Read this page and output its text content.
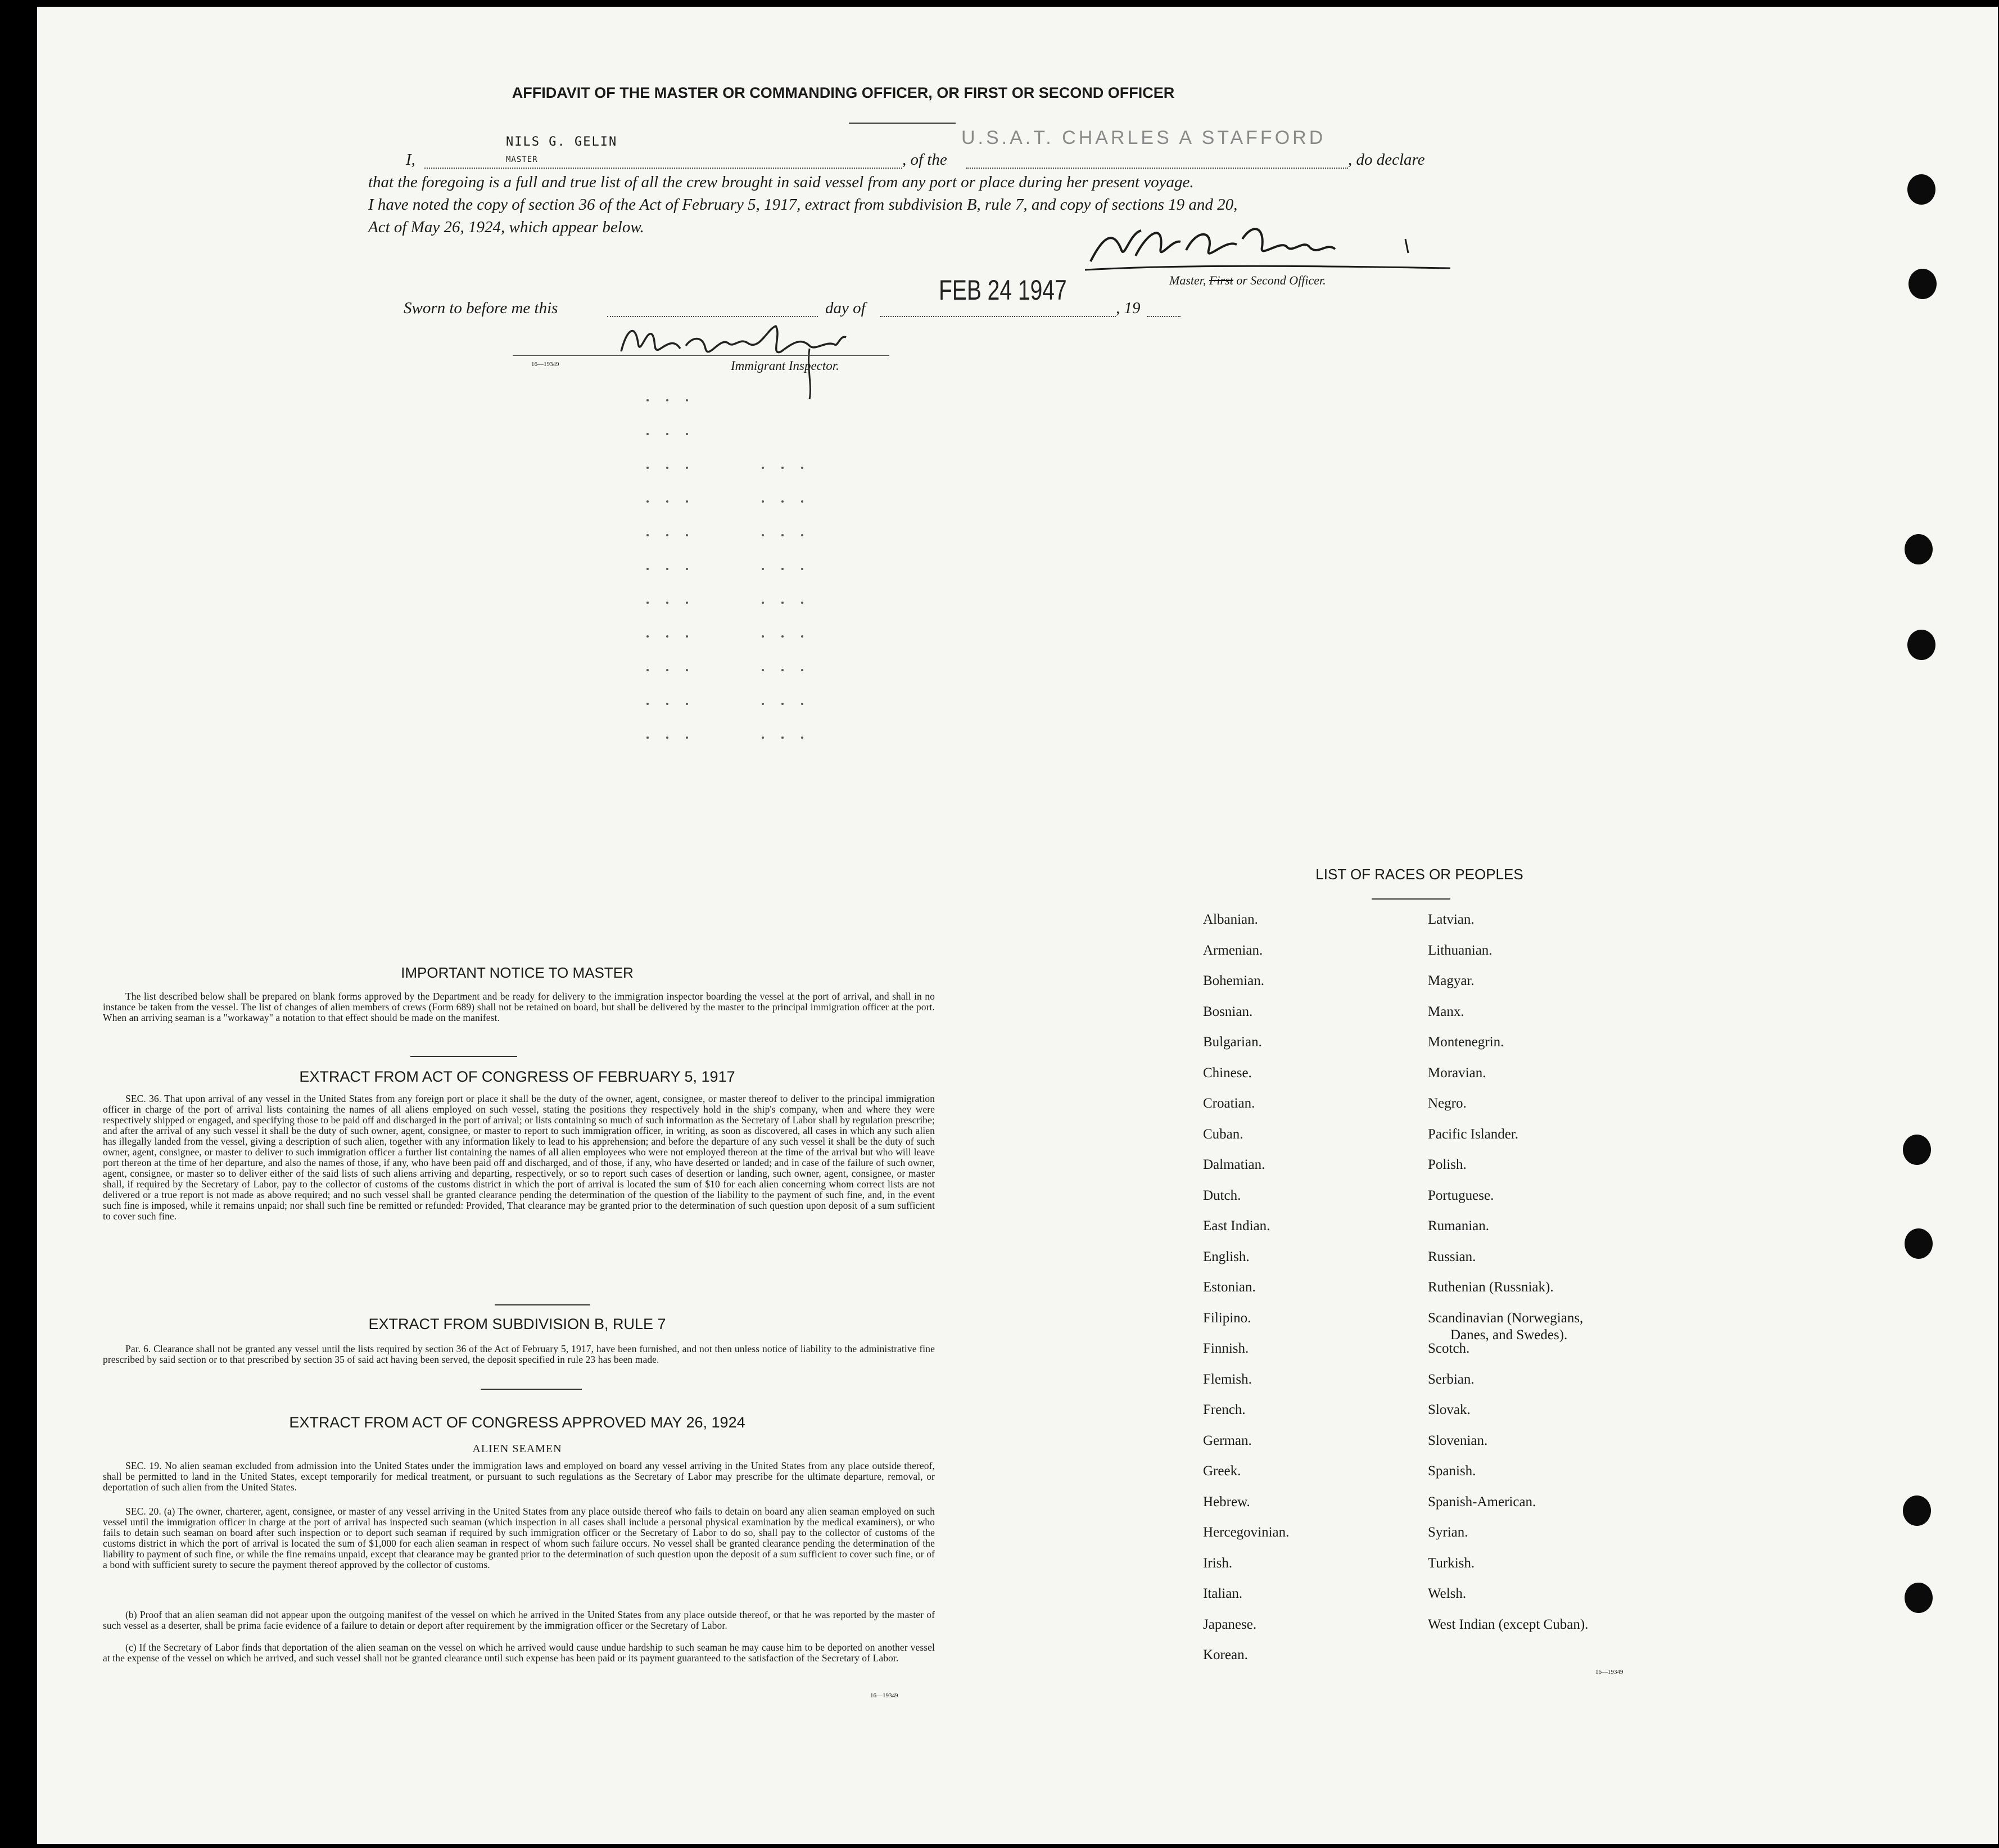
AFFIDAVIT OF THE MASTER OR COMMANDING OFFICER, OR FIRST OR SECOND OFFICER
I,
NILS G. GELIN
MASTER	, of the
U.S.A.T. CHARLES A STAFFORD
, do declare
that the foregoing is a full and true list of all the crew brought in said vessel from any port or place during her present voyage.
I have noted the copy of section 36 of the Act of February 5, 1917, extract from subdivision B, rule 7, and copy of sections 19 and 20,
Act of May 26, 1924, which appear below.
Master, First or Second Officer.
Sworn to before me this	day of
FEB 24 1947
, 19
16—19349	Immigrant Inspector.
IMPORTANT NOTICE TO MASTER
The list described below shall be prepared on blank forms approved by the Department and be ready for delivery to the immigration inspector boarding the vessel at the port of arrival, and shall in no instance be taken from the vessel. The list of changes of alien members of crews (Form 689) shall not be retained on board, but shall be delivered by the master to the principal immigration officer at the port. When an arriving seaman is a "workaway" a notation to that effect should be made on the manifest.
EXTRACT FROM ACT OF CONGRESS OF FEBRUARY 5, 1917
SEC. 36. That upon arrival of any vessel in the United States from any foreign port or place it shall be the duty of the owner, agent, consignee, or master thereof to deliver to the principal immigration officer in charge of the port of arrival lists containing the names of all aliens employed on such vessel, stating the positions they respectively hold in the ship's company, when and where they were respectively shipped or engaged, and specifying those to be paid off and discharged in the port of arrival; or lists containing so much of such information as the Secretary of Labor shall by regulation prescribe; and after the arrival of any such vessel it shall be the duty of such owner, agent, consignee, or master to report to such immigration officer, in writing, as soon as discovered, all cases in which any such alien has illegally landed from the vessel, giving a description of such alien, together with any information likely to lead to his apprehension; and before the departure of any such vessel it shall be the duty of such owner, agent, consignee, or master to deliver to such immigration officer a further list containing the names of all alien employees who were not employed thereon at the time of the arrival but who will leave port thereon at the time of her departure, and also the names of those, if any, who have been paid off and discharged, and of those, if any, who have deserted or landed; and in case of the failure of such owner, agent, consignee, or master so to deliver either of the said lists of such aliens arriving and departing, respectively, or so to report such cases of desertion or landing, such owner, agent, consignee, or master shall, if required by the Secretary of Labor, pay to the collector of customs of the customs district in which the port of arrival is located the sum of $10 for each alien concerning whom correct lists are not delivered or a true report is not made as above required; and no such vessel shall be granted clearance pending the determination of the question of the liability to the payment of such fine, and, in the event such fine is imposed, while it remains unpaid; nor shall such fine be remitted or refunded: Provided, That clearance may be granted prior to the determination of such question upon deposit of a sum sufficient to cover such fine.
EXTRACT FROM SUBDIVISION B, RULE 7
Par. 6. Clearance shall not be granted any vessel until the lists required by section 36 of the Act of February 5, 1917, have been furnished, and not then unless notice of liability to the administrative fine prescribed by said section or to that prescribed by section 35 of said act having been served, the deposit specified in rule 23 has been made.
EXTRACT FROM ACT OF CONGRESS APPROVED MAY 26, 1924
ALIEN SEAMEN
SEC. 19. No alien seaman excluded from admission into the United States under the immigration laws and employed on board any vessel arriving in the United States from any place outside thereof, shall be permitted to land in the United States, except temporarily for medical treatment, or pursuant to such regulations as the Secretary of Labor may prescribe for the ultimate departure, removal, or deportation of such alien from the United States.
SEC. 20. (a) The owner, charterer, agent, consignee, or master of any vessel arriving in the United States from any place outside thereof who fails to detain on board any alien seaman employed on such vessel until the immigration officer in charge at the port of arrival has inspected such seaman (which inspection in all cases shall include a personal physical examination by the medical examiners), or who fails to detain such seaman on board after such inspection or to deport such seaman if required by such immigration officer or the Secretary of Labor to do so, shall pay to the collector of customs of the customs district in which the port of arrival is located the sum of $1,000 for each alien seaman in respect of whom such failure occurs. No vessel shall be granted clearance pending the determination of the liability to payment of such fine, or while the fine remains unpaid, except that clearance may be granted prior to the determination of such question upon the deposit of a sum sufficient to cover such fine, or of a bond with sufficient surety to secure the payment thereof approved by the collector of customs.
(b) Proof that an alien seaman did not appear upon the outgoing manifest of the vessel on which he arrived in the United States from any place outside thereof, or that he was reported by the master of such vessel as a deserter, shall be prima facie evidence of a failure to detain or deport after requirement by the immigration officer or the Secretary of Labor.
(c) If the Secretary of Labor finds that deportation of the alien seaman on the vessel on which he arrived would cause undue hardship to such seaman he may cause him to be deported on another vessel at the expense of the vessel on which he arrived, and such vessel shall not be granted clearance until such expense has been paid or its payment guaranteed to the satisfaction of the Secretary of Labor.
16—19349
LIST OF RACES OR PEOPLES
Albanian.
Armenian.
Bohemian.
Bosnian.
Bulgarian.
Chinese.
Croatian.
Cuban.
Dalmatian.
Dutch.
East Indian.
English.
Estonian.
Filipino.
Finnish.
Flemish.
French.
German.
Greek.
Hebrew.
Hercegovinian.
Irish.
Italian.
Japanese.
Korean.
Latvian.
Lithuanian.
Magyar.
Manx.
Montenegrin.
Moravian.
Negro.
Pacific Islander.
Polish.
Portuguese.
Rumanian.
Russian.
Ruthenian (Russniak).
Scandinavian (Norwegians,
Danes, and Swedes).
Scotch.
Serbian.
Slovak.
Slovenian.
Spanish.
Spanish-American.
Syrian.
Turkish.
Welsh.
West Indian (except Cuban).
16—19349
